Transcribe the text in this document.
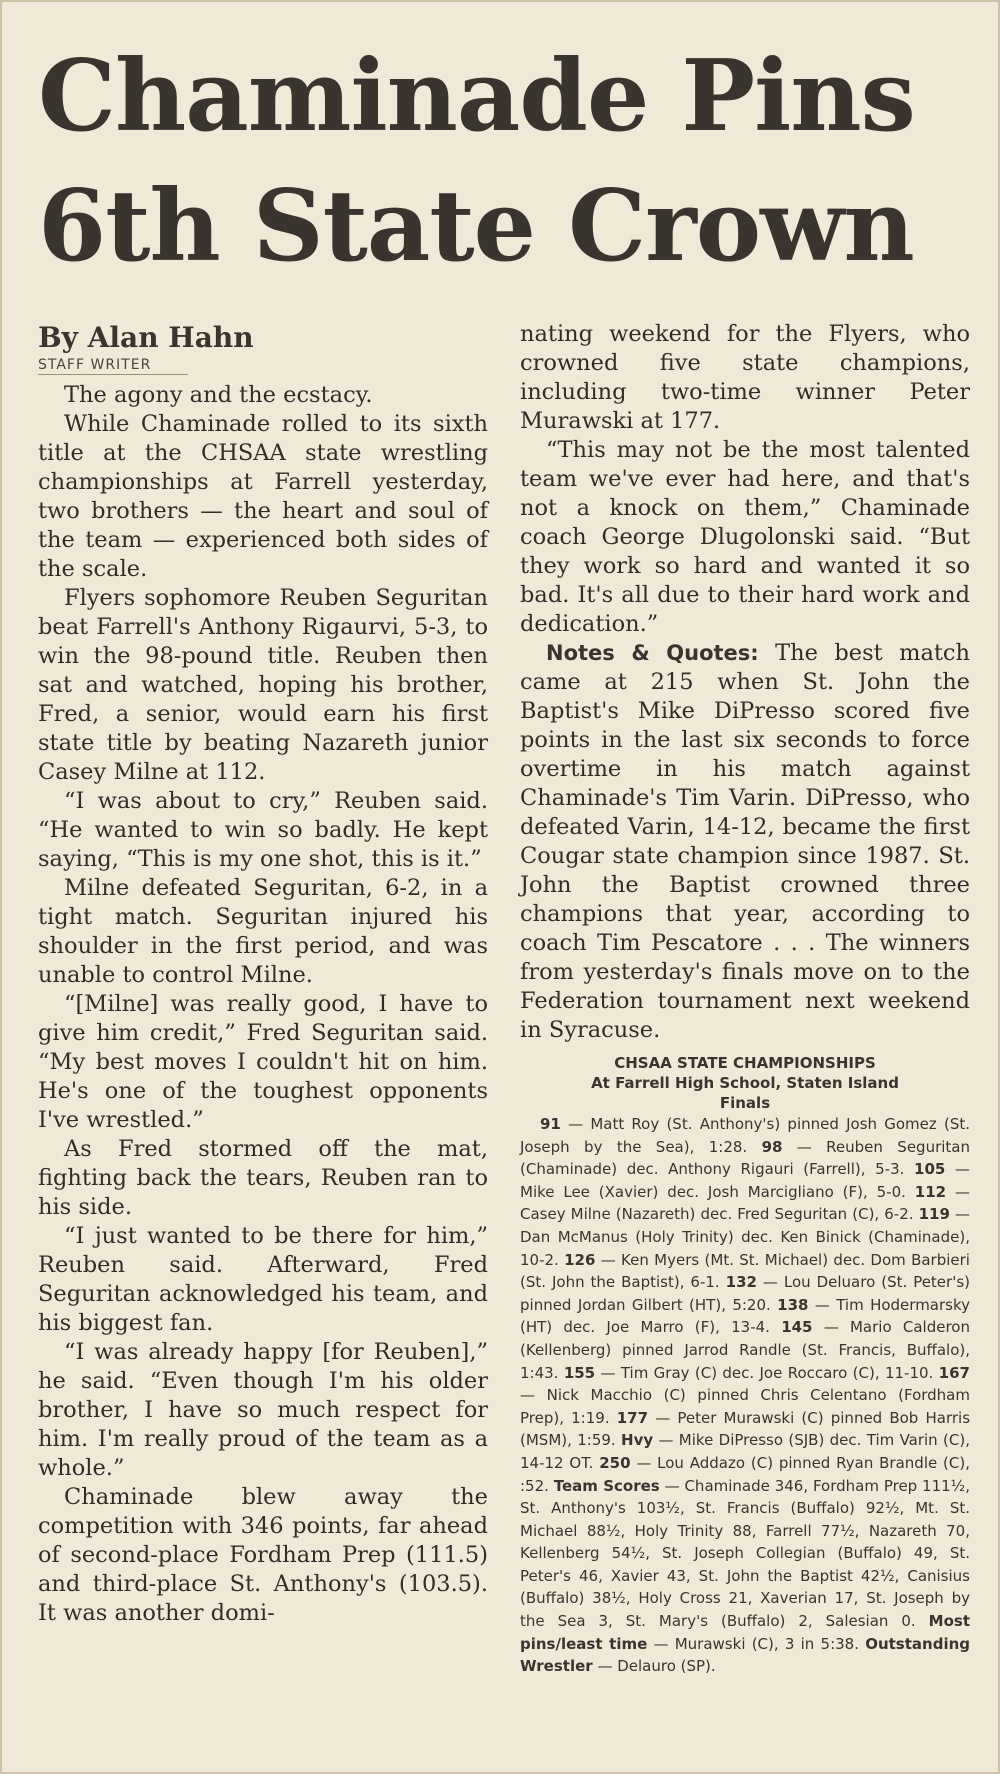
Chaminade Pins
6th State Crown
By Alan Hahn
STAFF WRITER

The agony and the ecstacy.

While Chaminade rolled to its sixth title at the CHSAA state wrestling championships at Farrell yesterday, two brothers — the heart and soul of the team — experienced both sides of the scale.

Flyers sophomore Reuben Seguritan beat Farrell's Anthony Rigaurvi, 5-3, to win the 98-pound title. Reuben then sat and watched, hoping his brother, Fred, a senior, would earn his first state title by beating Nazareth junior Casey Milne at 112.

“I was about to cry,” Reuben said. “He wanted to win so badly. He kept saying, “This is my one shot, this is it.”

Milne defeated Seguritan, 6-2, in a tight match. Seguritan injured his shoulder in the first period, and was unable to control Milne.

“[Milne] was really good, I have to give him credit,” Fred Seguritan said. “My best moves I couldn't hit on him. He's one of the toughest opponents I've wrestled.”

As Fred stormed off the mat, fighting back the tears, Reuben ran to his side.

“I just wanted to be there for him,” Reuben said. Afterward, Fred Seguritan acknowledged his team, and his biggest fan.

“I was already happy [for Reuben],” he said. “Even though I'm his older brother, I have so much respect for him. I'm really proud of the team as a whole.”

Chaminade blew away the competition with 346 points, far ahead of second-place Fordham Prep (111.5) and third-place St. Anthony's (103.5). It was another domi-

nating weekend for the Flyers, who crowned five state champions, including two-time winner Peter Murawski at 177.

“This may not be the most talented team we've ever had here, and that's not a knock on them,” Chaminade coach George Dlugolonski said. “But they work so hard and wanted it so bad. It's all due to their hard work and dedication.”

Notes & Quotes: The best match came at 215 when St. John the Baptist's Mike DiPresso scored five points in the last six seconds to force overtime in his match against Chaminade's Tim Varin. DiPresso, who defeated Varin, 14-12, became the first Cougar state champion since 1987. St. John the Baptist crowned three champions that year, according to coach Tim Pescatore . . . The winners from yesterday's finals move on to the Federation tournament next weekend in Syracuse.

CHSAA STATE CHAMPIONSHIPS
At Farrell High School, Staten Island
Finals

91 — Matt Roy (St. Anthony's) pinned Josh Gomez (St. Joseph by the Sea), 1:28. 98 — Reuben Seguritan (Chaminade) dec. Anthony Rigauri (Farrell), 5-3. 105 — Mike Lee (Xavier) dec. Josh Marcigliano (F), 5-0. 112 — Casey Milne (Nazareth) dec. Fred Seguritan (C), 6-2. 119 — Dan McManus (Holy Trinity) dec. Ken Binick (Chaminade), 10-2. 126 — Ken Myers (Mt. St. Michael) dec. Dom Barbieri (St. John the Baptist), 6-1. 132 — Lou Deluaro (St. Peter's) pinned Jordan Gilbert (HT), 5:20. 138 — Tim Hodermarsky (HT) dec. Joe Marro (F), 13-4. 145 — Mario Calderon (Kellenberg) pinned Jarrod Randle (St. Francis, Buffalo), 1:43. 155 — Tim Gray (C) dec. Joe Roccaro (C), 11-10. 167 — Nick Macchio (C) pinned Chris Celentano (Fordham Prep), 1:19. 177 — Peter Murawski (C) pinned Bob Harris (MSM), 1:59. Hvy — Mike DiPresso (SJB) dec. Tim Varin (C), 14-12 OT. 250 — Lou Addazo (C) pinned Ryan Brandle (C), :52. Team Scores — Chaminade 346, Fordham Prep 111½, St. Anthony's 103½, St. Francis (Buffalo) 92½, Mt. St. Michael 88½, Holy Trinity 88, Farrell 77½, Nazareth 70, Kellenberg 54½, St. Joseph Collegian (Buffalo) 49, St. Peter's 46, Xavier 43, St. John the Baptist 42½, Canisius (Buffalo) 38½, Holy Cross 21, Xaverian 17, St. Joseph by the Sea 3, St. Mary's (Buffalo) 2, Salesian 0. Most pins/least time — Murawski (C), 3 in 5:38. Outstanding Wrestler — Delauro (SP).
